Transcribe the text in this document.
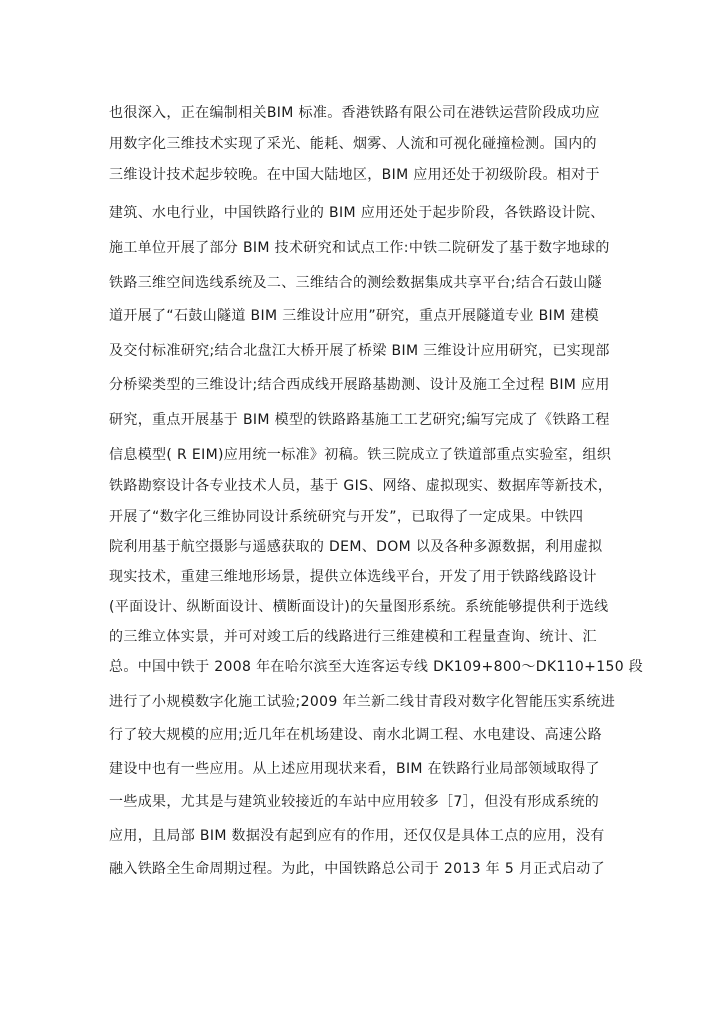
也很深入，正在编制相关BIM 标准。香港铁路有限公司在港铁运营阶段成功应
用数字化三维技术实现了采光、能耗、烟雾、人流和可视化碰撞检测。国内的
三维设计技术起步较晚。在中国大陆地区，BIM 应用还处于初级阶段。相对于
建筑、水电行业，中国铁路行业的 BIM 应用还处于起步阶段，各铁路设计院、
施工单位开展了部分 BIM 技术研究和试点工作:中铁二院研发了基于数字地球的
铁路三维空间选线系统及二、三维结合的测绘数据集成共享平台;结合石鼓山隧
道开展了“石鼓山隧道 BIM 三维设计应用”研究，重点开展隧道专业 BIM 建模
及交付标准研究;结合北盘江大桥开展了桥梁 BIM 三维设计应用研究，已实现部
分桥梁类型的三维设计;结合西成线开展路基勘测、设计及施工全过程 BIM 应用
研究，重点开展基于 BIM 模型的铁路路基施工工艺研究;编写完成了《铁路工程
信息模型( R EIM)应用统一标准》初稿。铁三院成立了铁道部重点实验室，组织
铁路勘察设计各专业技术人员，基于 GIS、网络、虚拟现实、数据库等新技术，
开展了“数字化三维协同设计系统研究与开发”，已取得了一定成果。中铁四
院利用基于航空摄影与遥感获取的 DEM、DOM 以及各种多源数据，利用虚拟
现实技术，重建三维地形场景，提供立体选线平台，开发了用于铁路线路设计
(平面设计、纵断面设计、横断面设计)的矢量图形系统。系统能够提供利于选线
的三维立体实景，并可对竣工后的线路进行三维建模和工程量查询、统计、汇
总。中国中铁于 2008 年在哈尔滨至大连客运专线 DK109+800～DK110+150 段
进行了小规模数字化施工试验;2009 年兰新二线甘青段对数字化智能压实系统进
行了较大规模的应用;近几年在机场建设、南水北调工程、水电建设、高速公路
建设中也有一些应用。从上述应用现状来看，BIM 在铁路行业局部领域取得了
一些成果，尤其是与建筑业较接近的车站中应用较多［7］，但没有形成系统的
应用，且局部 BIM 数据没有起到应有的作用，还仅仅是具体工点的应用，没有
融入铁路全生命周期过程。为此，中国铁路总公司于 2013 年 5 月正式启动了
